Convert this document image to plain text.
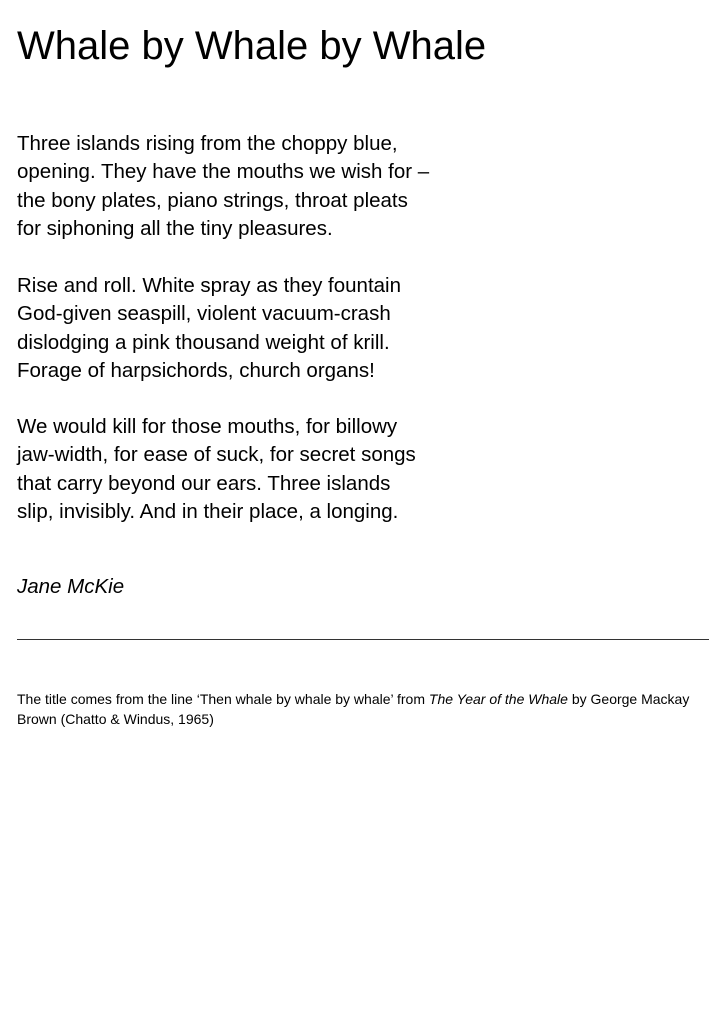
Whale by Whale by Whale

Three islands rising from the choppy blue,
opening. They have the mouths we wish for –
the bony plates, piano strings, throat pleats
for siphoning all the tiny pleasures.

Rise and roll. White spray as they fountain
God-given seaspill, violent vacuum-crash
dislodging a pink thousand weight of krill.
Forage of harpsichords, church organs!

We would kill for those mouths, for billowy
jaw-width, for ease of suck, for secret songs
that carry beyond our ears. Three islands
slip, invisibly. And in their place, a longing.

Jane McKie

The title comes from the line ‘Then whale by whale by whale’ from The Year of the Whale by George Mackay Brown (Chatto & Windus, 1965)
